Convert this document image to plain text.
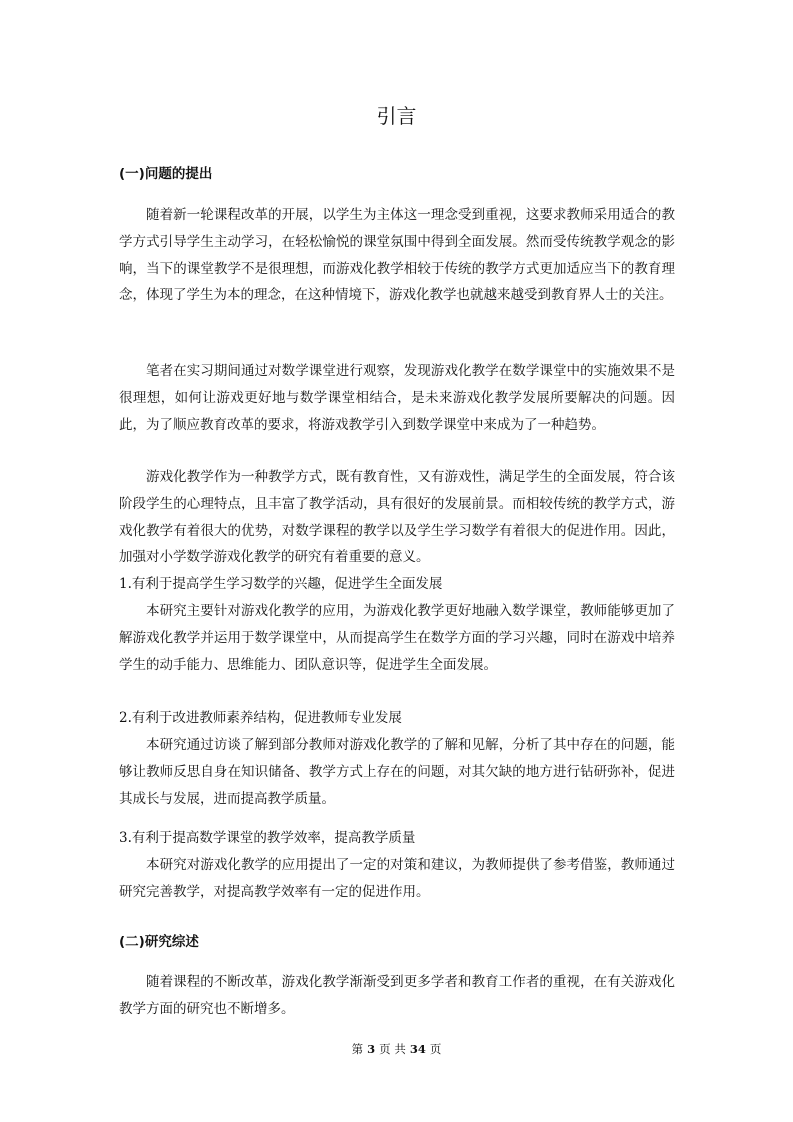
引言
(一)问题的提出

随着新一轮课程改革的开展，以学生为主体这一理念受到重视，这要求教师采用适合的教学方式引导学生主动学习，在轻松愉悦的课堂氛围中得到全面发展。然而受传统教学观念的影响，当下的课堂教学不是很理想，而游戏化教学相较于传统的教学方式更加适应当下的教育理念，体现了学生为本的理念，在这种情境下，游戏化教学也就越来越受到教育界人士的关注。

笔者在实习期间通过对数学课堂进行观察，发现游戏化教学在数学课堂中的实施效果不是很理想，如何让游戏更好地与数学课堂相结合，是未来游戏化教学发展所要解决的问题。因此，为了顺应教育改革的要求，将游戏教学引入到数学课堂中来成为了一种趋势。

游戏化教学作为一种教学方式，既有教育性，又有游戏性，满足学生的全面发展，符合该阶段学生的心理特点，且丰富了教学活动，具有很好的发展前景。而相较传统的教学方式，游戏化教学有着很大的优势，对数学课程的教学以及学生学习数学有着很大的促进作用。因此，加强对小学数学游戏化教学的研究有着重要的意义。

1.有利于提高学生学习数学的兴趣，促进学生全面发展

本研究主要针对游戏化教学的应用，为游戏化教学更好地融入数学课堂，教师能够更加了解游戏化教学并运用于数学课堂中，从而提高学生在数学方面的学习兴趣，同时在游戏中培养学生的动手能力、思维能力、团队意识等，促进学生全面发展。

2.有利于改进教师素养结构，促进教师专业发展

本研究通过访谈了解到部分教师对游戏化教学的了解和见解，分析了其中存在的问题，能够让教师反思自身在知识储备、教学方式上存在的问题，对其欠缺的地方进行钻研弥补，促进其成长与发展，进而提高教学质量。

3.有利于提高数学课堂的教学效率，提高教学质量

本研究对游戏化教学的应用提出了一定的对策和建议，为教师提供了参考借鉴，教师通过研究完善教学，对提高教学效率有一定的促进作用。

(二)研究综述

随着课程的不断改革，游戏化教学渐渐受到更多学者和教育工作者的重视，在有关游戏化教学方面的研究也不断增多。

第 3 页 共 34 页
